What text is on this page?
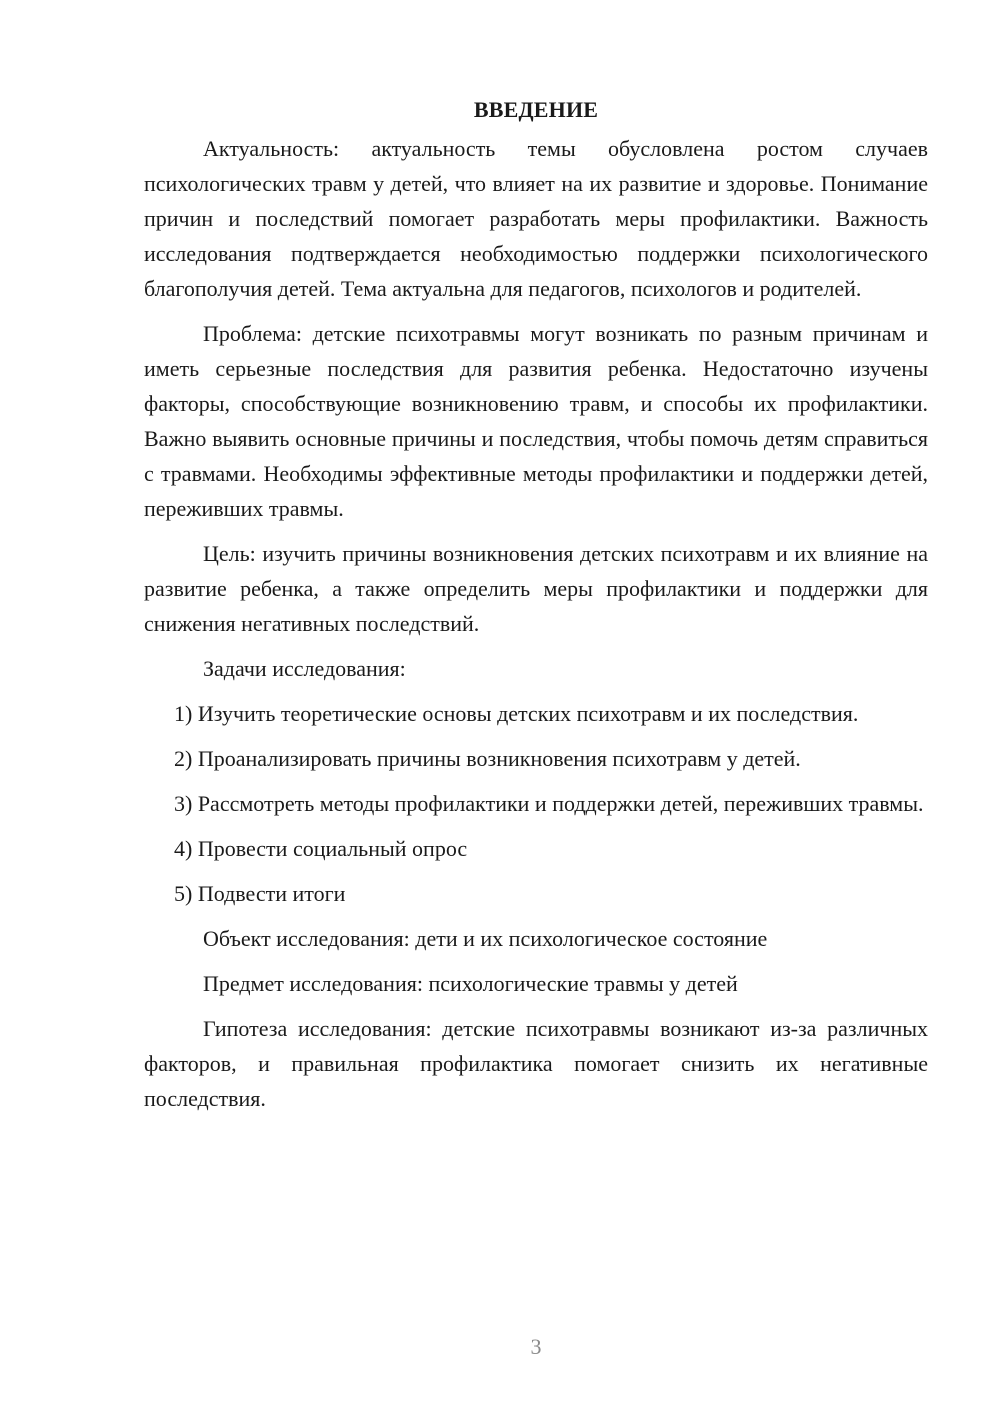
ВВЕДЕНИЕ

Актуальность: актуальность темы обусловлена ростом случаев психологических травм у детей, что влияет на их развитие и здоровье. Понимание причин и последствий помогает разработать меры профилактики. Важность исследования подтверждается необходимостью поддержки психологического благополучия детей. Тема актуальна для педагогов, психологов и родителей.

Проблема: детские психотравмы могут возникать по разным причинам и иметь серьезные последствия для развития ребенка. Недостаточно изучены факторы, способствующие возникновению травм, и способы их профилактики. Важно выявить основные причины и последствия, чтобы помочь детям справиться с травмами. Необходимы эффективные методы профилактики и поддержки детей, переживших травмы.

Цель: изучить причины возникновения детских психотравм и их влияние на развитие ребенка, а также определить меры профилактики и поддержки для снижения негативных последствий.

Задачи исследования:

1) Изучить теоретические основы детских психотравм и их последствия.

2) Проанализировать причины возникновения психотравм у детей.

3) Рассмотреть методы профилактики и поддержки детей, переживших травмы.

4) Провести социальный опрос

5) Подвести итоги

Объект исследования: дети и их психологическое состояние

Предмет исследования: психологические травмы у детей

Гипотеза исследования: детские психотравмы возникают из-за различных факторов, и правильная профилактика помогает снизить их негативные последствия.

3
